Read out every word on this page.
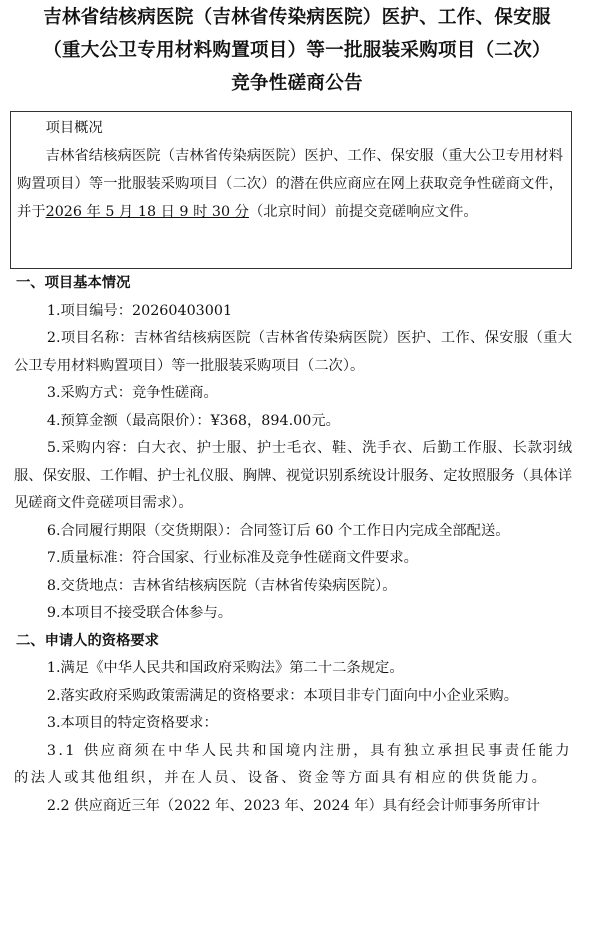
吉林省结核病医院（吉林省传染病医院）医护、工作、保安服

（重大公卫专用材料购置项目）等一批服装采购项目（二次）

竞争性磋商公告

项目概况

吉林省结核病医院（吉林省传染病医院）医护、工作、保安服（重大公卫专用材料购置项目）等一批服装采购项目（二次）的潜在供应商应在网上获取竞争性磋商文件，并于2026 年 5 月 18 日 9 时 30 分（北京时间）前提交竞磋响应文件。

一、项目基本情况

1.项目编号：20260403001

2.项目名称：吉林省结核病医院（吉林省传染病医院）医护、工作、保安服（重大公卫专用材料购置项目）等一批服装采购项目（二次）。

3.采购方式：竞争性磋商。

4.预算金额（最高限价）：¥368，894.00元。

5.采购内容：白大衣、护士服、护士毛衣、鞋、洗手衣、后勤工作服、长款羽绒服、保安服、工作帽、护士礼仪服、胸牌、视觉识别系统设计服务、定妆照服务（具体详见磋商文件竞磋项目需求）。

6.合同履行期限（交货期限）：合同签订后 60 个工作日内完成全部配送。

7.质量标准：符合国家、行业标准及竞争性磋商文件要求。

8.交货地点：吉林省结核病医院（吉林省传染病医院）。

9.本项目不接受联合体参与。

二、申请人的资格要求

1.满足《中华人民共和国政府采购法》第二十二条规定。

2.落实政府采购政策需满足的资格要求：本项目非专门面向中小企业采购。

3.本项目的特定资格要求：

3.1 供应商须在中华人民共和国境内注册，具有独立承担民事责任能力的法人或其他组织，并在人员、设备、资金等方面具有相应的供货能力。

2.2 供应商近三年（2022 年、2023 年、2024 年）具有经会计师事务所审计
